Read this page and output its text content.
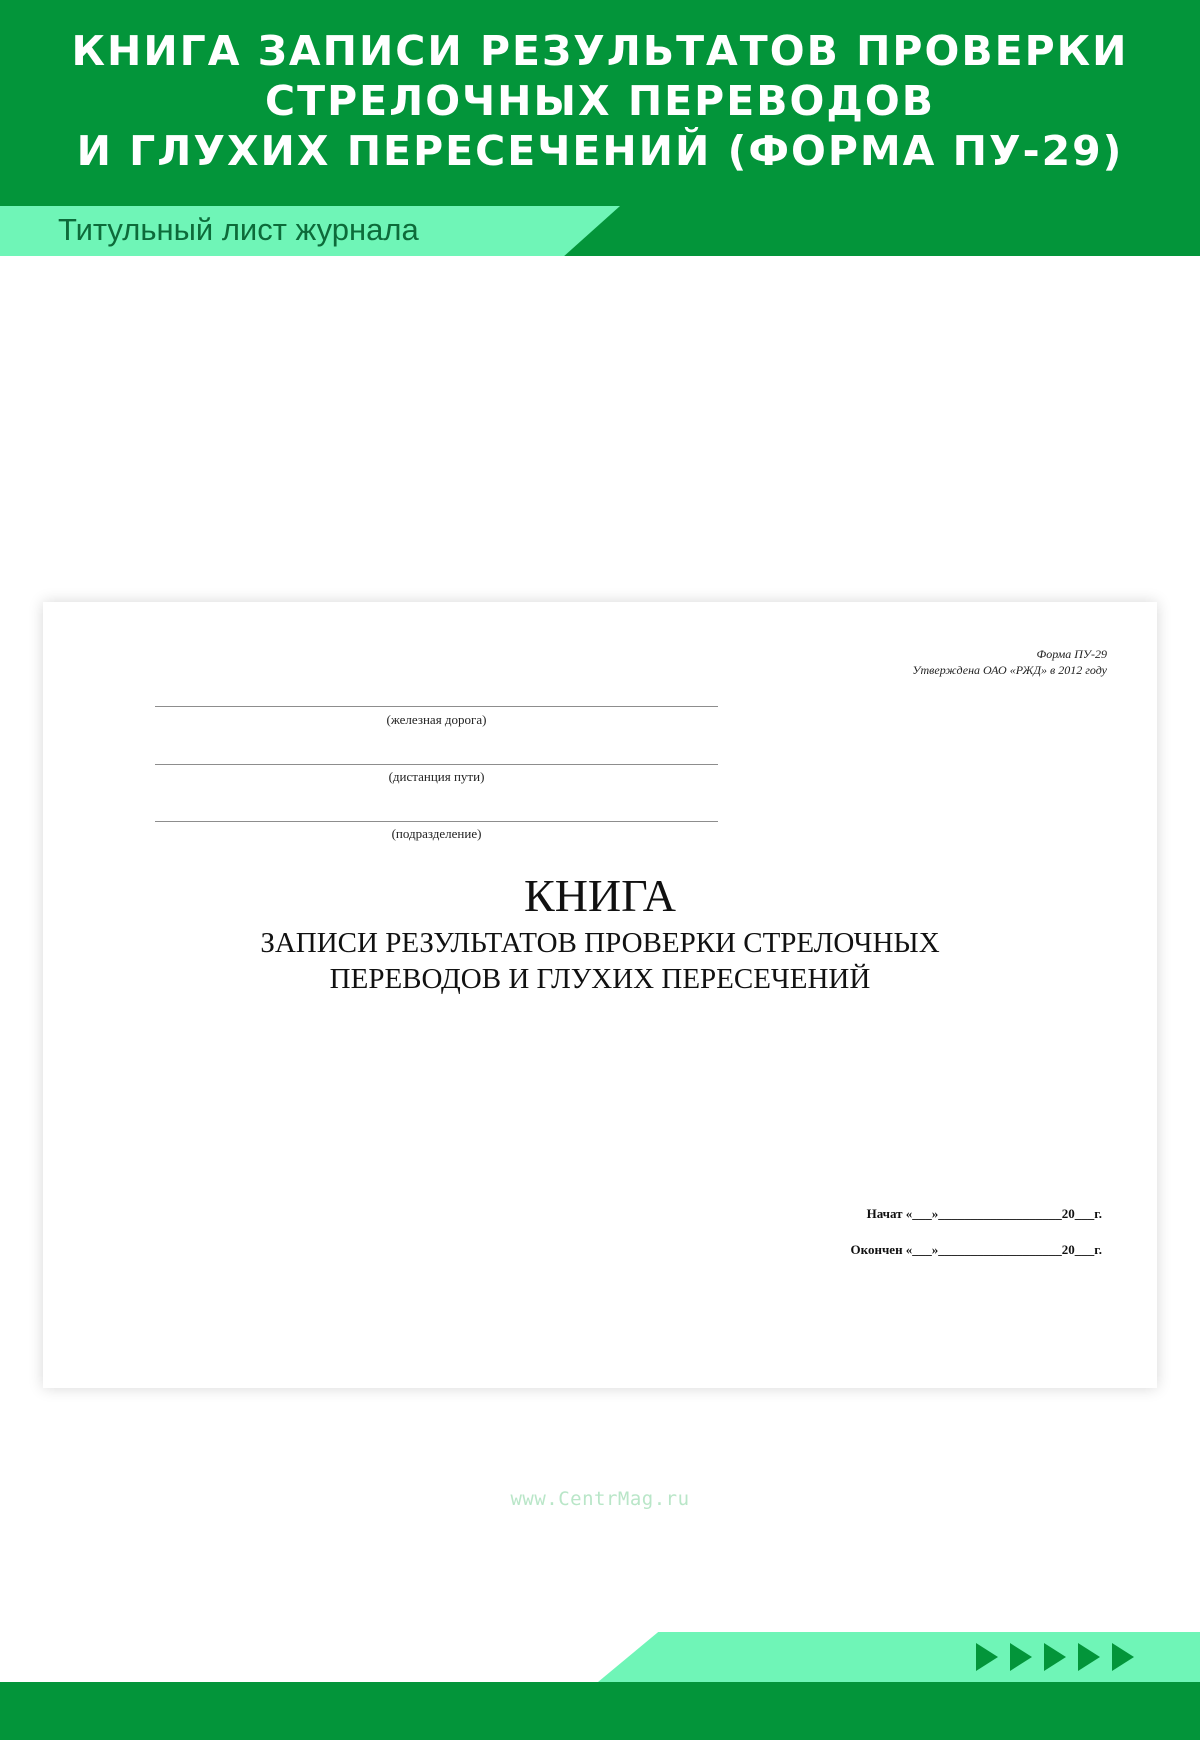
КНИГА ЗАПИСИ РЕЗУЛЬТАТОВ ПРОВЕРКИ
СТРЕЛОЧНЫХ ПЕРЕВОДОВ
И ГЛУХИХ ПЕРЕСЕЧЕНИЙ (ФОРМА ПУ-29)
Титульный лист журнала
Форма ПУ-29
Утверждена ОАО «РЖД» в 2012 году
(железная дорога)
(дистанция пути)
(подразделение)
КНИГА
ЗАПИСИ РЕЗУЛЬТАТОВ ПРОВЕРКИ СТРЕЛОЧНЫХ
ПЕРЕВОДОВ И ГЛУХИХ ПЕРЕСЕЧЕНИЙ
Начат «___»___________________20___г.
Окончен «___»___________________20___г.
www.CentrMag.ru
